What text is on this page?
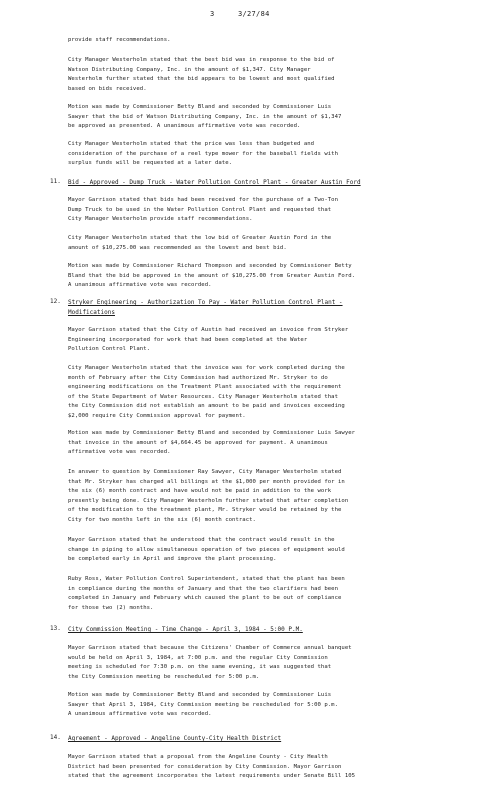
3	3/27/84
provide staff recommendations.
City Manager Westerholm stated that the best bid was in response to the bid of
Watson Distributing Company, Inc. in the amount of $1,347. City Manager
Westerholm further stated that the bid appears to be lowest and most qualified
based on bids received.
Motion was made by Commissioner Betty Bland and seconded by Commissioner Luis
Sawyer that the bid of Watson Distributing Company, Inc. in the amount of $1,347
be approved as presented. A unanimous affirmative vote was recorded.
City Manager Westerholm stated that the price was less than budgeted and
consideration of the purchase of a reel type mower for the baseball fields with
surplus funds will be requested at a later date.
11. Bid - Approved - Dump Truck - Water Pollution Control Plant - Greater Austin Ford
Mayor Garrison stated that bids had been received for the purchase of a Two-Ton
Dump Truck to be used in the Water Pollution Control Plant and requested that
City Manager Westerholm provide staff recommendations.
City Manager Westerholm stated that the low bid of Greater Austin Ford in the
amount of $10,275.00 was recommended as the lowest and best bid.
Motion was made by Commissioner Richard Thompson and seconded by Commissioner Betty
Bland that the bid be approved in the amount of $10,275.00 from Greater Austin Ford.
A unanimous affirmative vote was recorded.
12. Stryker Engineering - Authorization To Pay - Water Pollution Control Plant -
Modifications
Mayor Garrison stated that the City of Austin had received an invoice from Stryker
Engineering incorporated for work that had been completed at the Water
Pollution Control Plant.
City Manager Westerholm stated that the invoice was for work completed during the
month of February after the City Commission had authorized Mr. Stryker to do
engineering modifications on the Treatment Plant associated with the requirement
of the State Department of Water Resources. City Manager Westerholm stated that
the City Commission did not establish an amount to be paid and invoices exceeding
$2,000 require City Commission approval for payment.
Motion was made by Commissioner Betty Bland and seconded by Commissioner Luis Sawyer
that invoice in the amount of $4,664.45 be approved for payment. A unanimous
affirmative vote was recorded.
In answer to question by Commissioner Ray Sawyer, City Manager Westerholm stated
that Mr. Stryker has charged all billings at the $1,000 per month provided for in
the six (6) month contract and have would not be paid in addition to the work
presently being done. City Manager Westerholm further stated that after completion
of the modification to the treatment plant, Mr. Stryker would be retained by the
City for two months left in the six (6) month contract.
Mayor Garrison stated that he understood that the contract would result in the
change in piping to allow simultaneous operation of two pieces of equipment would
be completed early in April and improve the plant processing.
Ruby Ross, Water Pollution Control Superintendent, stated that the plant has been
in compliance during the months of January and that the two clarifiers had been
completed in January and February which caused the plant to be out of compliance
for those two (2) months.
13. City Commission Meeting - Time Change - April 3, 1984 - 5:00 P.M.
Mayor Garrison stated that because the Citizens' Chamber of Commerce annual banquet
would be held on April 3, 1984, at 7:00 p.m. and the regular City Commission
meeting is scheduled for 7:30 p.m. on the same evening, it was suggested that
the City Commission meeting be rescheduled for 5:00 p.m.
Motion was made by Commissioner Betty Bland and seconded by Commissioner Luis
Sawyer that April 3, 1984, City Commission meeting be rescheduled for 5:00 p.m.
A unanimous affirmative vote was recorded.
14. Agreement - Approved - Angeline County-City Health District
Mayor Garrison stated that a proposal from the Angeline County - City Health
District had been presented for consideration by City Commission. Mayor Garrison
stated that the agreement incorporates the latest requirements under Senate Bill 105
